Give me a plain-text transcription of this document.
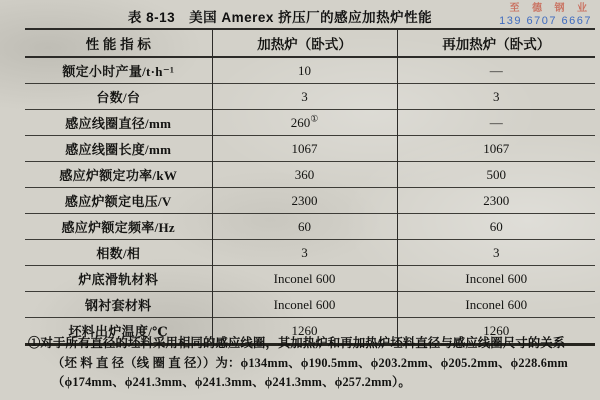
至 德 钢 业
139 6707 6667
表 8-13　美国 Amerex 挤压厂的感应加热炉性能
性 能 指 标	加热炉（卧式）	再加热炉（卧式）
额定小时产量/t·h⁻¹	10	—
台数/台	3	3
感应线圈直径/mm	260①	—
感应线圈长度/mm	1067	1067
感应炉额定功率/kW	360	500
感应炉额定电压/V	2300	2300
感应炉额定频率/Hz	60	60
相数/相	3	3
炉底滑轨材料	Inconel 600	Inconel 600
钢衬套材料	Inconel 600	Inconel 600
坯料出炉温度/℃	1260	1260
①对于所有直径的坯料采用相同的感应线圈，其加热炉和再加热炉坯料直径与感应线圈尺寸的关系
（坯 料 直 径（线 圈 直 径））为：ϕ134mm、ϕ190.5mm、ϕ203.2mm、ϕ205.2mm、ϕ228.6mm
（ϕ174mm、ϕ241.3mm、ϕ241.3mm、ϕ241.3mm、ϕ257.2mm）。
